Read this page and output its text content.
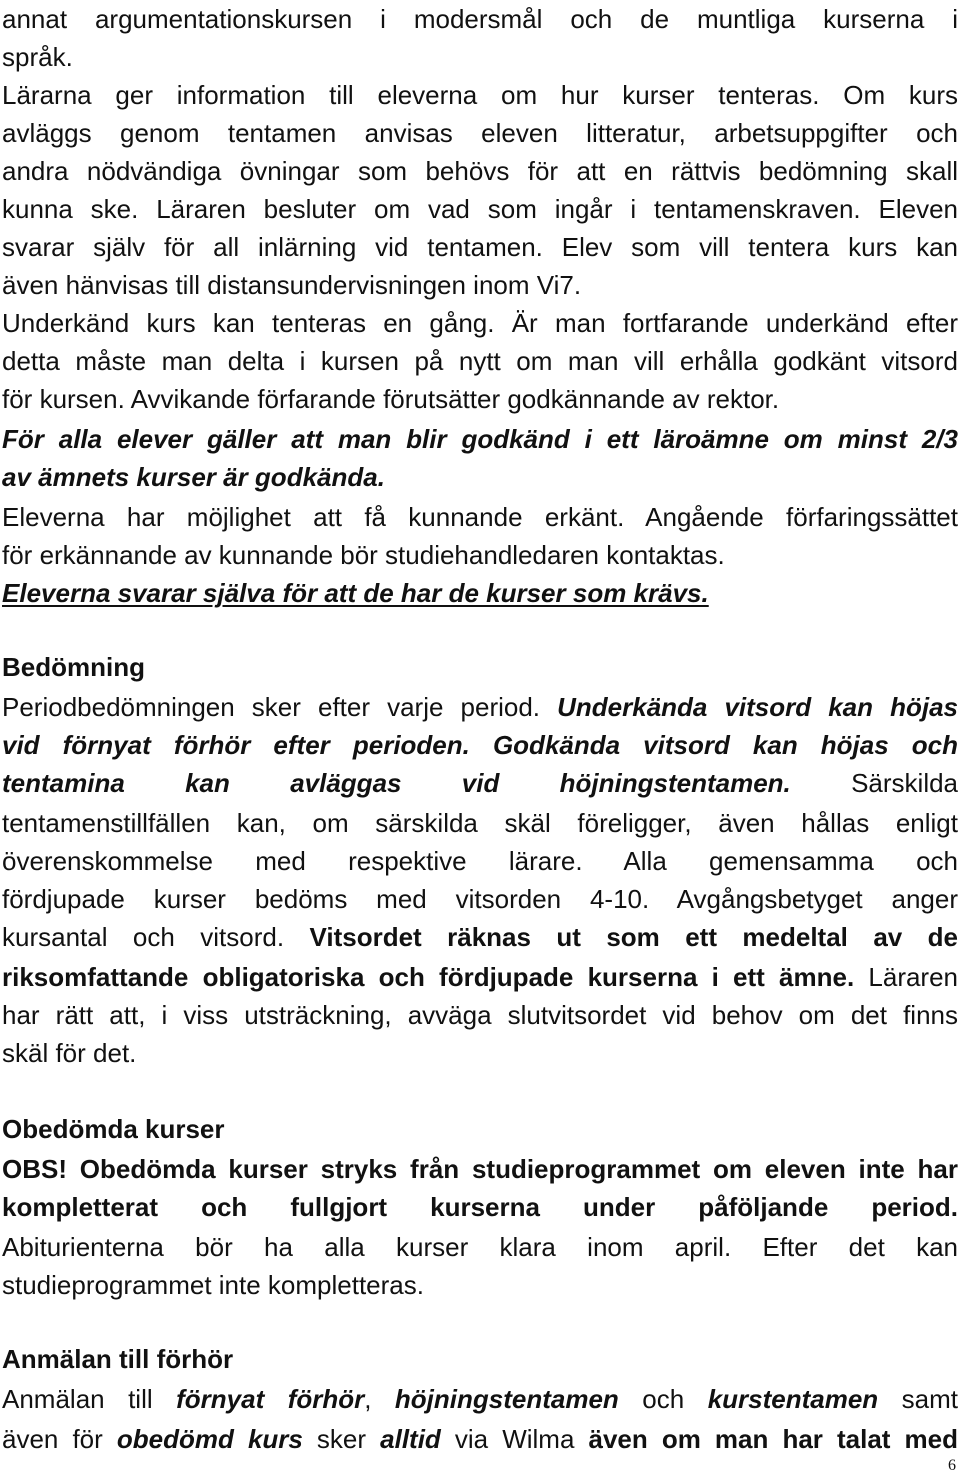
annat argumentationskursen i modersmål och de muntliga kurserna i
språk.
Lärarna ger information till eleverna om hur kurser tenteras. Om kurs
avläggs genom tentamen anvisas eleven litteratur, arbetsuppgifter och
andra nödvändiga övningar som behövs för att en rättvis bedömning skall
kunna ske. Läraren besluter om vad som ingår i tentamenskraven. Eleven
svarar själv för all inlärning vid tentamen. Elev som vill tentera kurs kan
även hänvisas till distansundervisningen inom Vi7.
Underkänd kurs kan tenteras en gång. Är man fortfarande underkänd efter
detta måste man delta i kursen på nytt om man vill erhålla godkänt vitsord
för kursen. Avvikande förfarande förutsätter godkännande av rektor.
För alla elever gäller att man blir godkänd i ett läroämne om minst 2/3
av ämnets kurser är godkända.
Eleverna har möjlighet att få kunnande erkänt. Angående förfaringssättet
för erkännande av kunnande bör studiehandledaren kontaktas.
Eleverna svarar själva för att de har de kurser som krävs.
Bedömning
Periodbedömningen sker efter varje period. Underkända vitsord kan höjas
vid förnyat förhör efter perioden. Godkända vitsord kan höjas och
tentamina kan avläggas vid höjningstentamen. Särskilda
tentamenstillfällen kan, om särskilda skäl föreligger, även hållas enligt
överenskommelse med respektive lärare. Alla gemensamma och
fördjupade kurser bedöms med vitsorden 4-10. Avgångsbetyget anger
kursantal och vitsord. Vitsordet räknas ut som ett medeltal av de
riksomfattande obligatoriska och fördjupade kurserna i ett ämne. Läraren
har rätt att, i viss utsträckning, avväga slutvitsordet vid behov om det finns
skäl för det.
Obedömda kurser
OBS! Obedömda kurser stryks från studieprogrammet om eleven inte har
kompletterat och fullgjort kurserna under påföljande period.
Abiturienterna bör ha alla kurser klara inom april. Efter det kan
studieprogrammet inte kompletteras.
Anmälan till förhör
Anmälan till förnyat förhör, höjningstentamen och kurstentamen samt
även för obedömd kurs sker alltid via Wilma även om man har talat med
6
